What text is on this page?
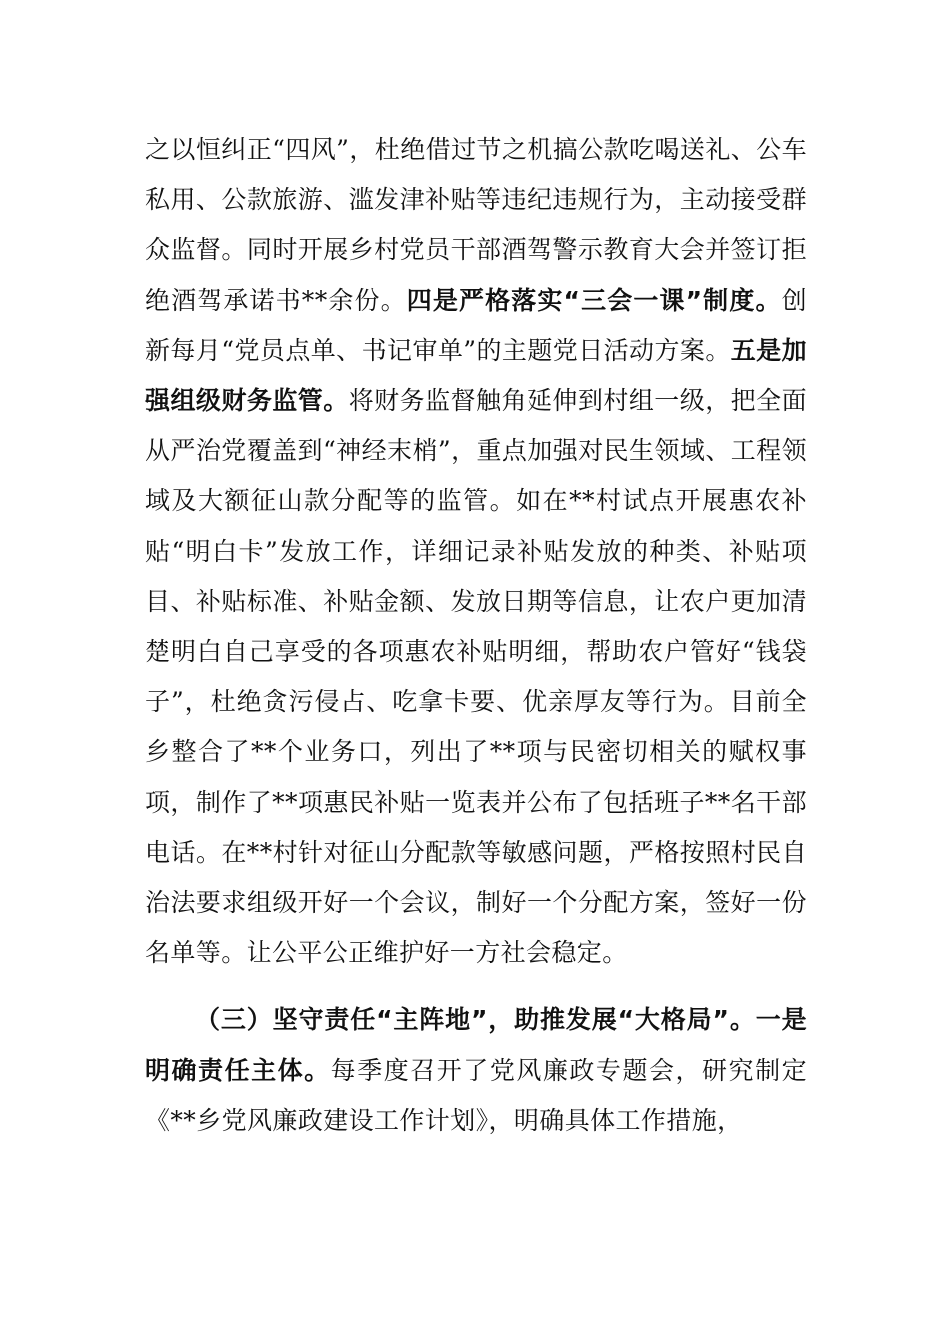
之以恒纠正“四风”，杜绝借过节之机搞公款吃喝送礼、公车私用、公款旅游、滥发津补贴等违纪违规行为，主动接受群众监督。同时开展乡村党员干部酒驾警示教育大会并签订拒绝酒驾承诺书**余份。四是严格落实“三会一课”制度。创新每月“党员点单、书记审单”的主题党日活动方案。五是加强组级财务监管。将财务监督触角延伸到村组一级，把全面从严治党覆盖到“神经末梢”，重点加强对民生领域、工程领域及大额征山款分配等的监管。如在**村试点开展惠农补贴“明白卡”发放工作，详细记录补贴发放的种类、补贴项目、补贴标准、补贴金额、发放日期等信息，让农户更加清楚明白自己享受的各项惠农补贴明细，帮助农户管好“钱袋子”，杜绝贪污侵占、吃拿卡要、优亲厚友等行为。目前全乡整合了**个业务口，列出了**项与民密切相关的赋权事项，制作了**项惠民补贴一览表并公布了包括班子**名干部电话。在**村针对征山分配款等敏感问题，严格按照村民自治法要求组级开好一个会议，制好一个分配方案，签好一份名单等。让公平公正维护好一方社会稳定。

（三）坚守责任“主阵地”，助推发展“大格局”。一是明确责任主体。每季度召开了党风廉政专题会，研究制定《**乡党风廉政建设工作计划》，明确具体工作措施，
